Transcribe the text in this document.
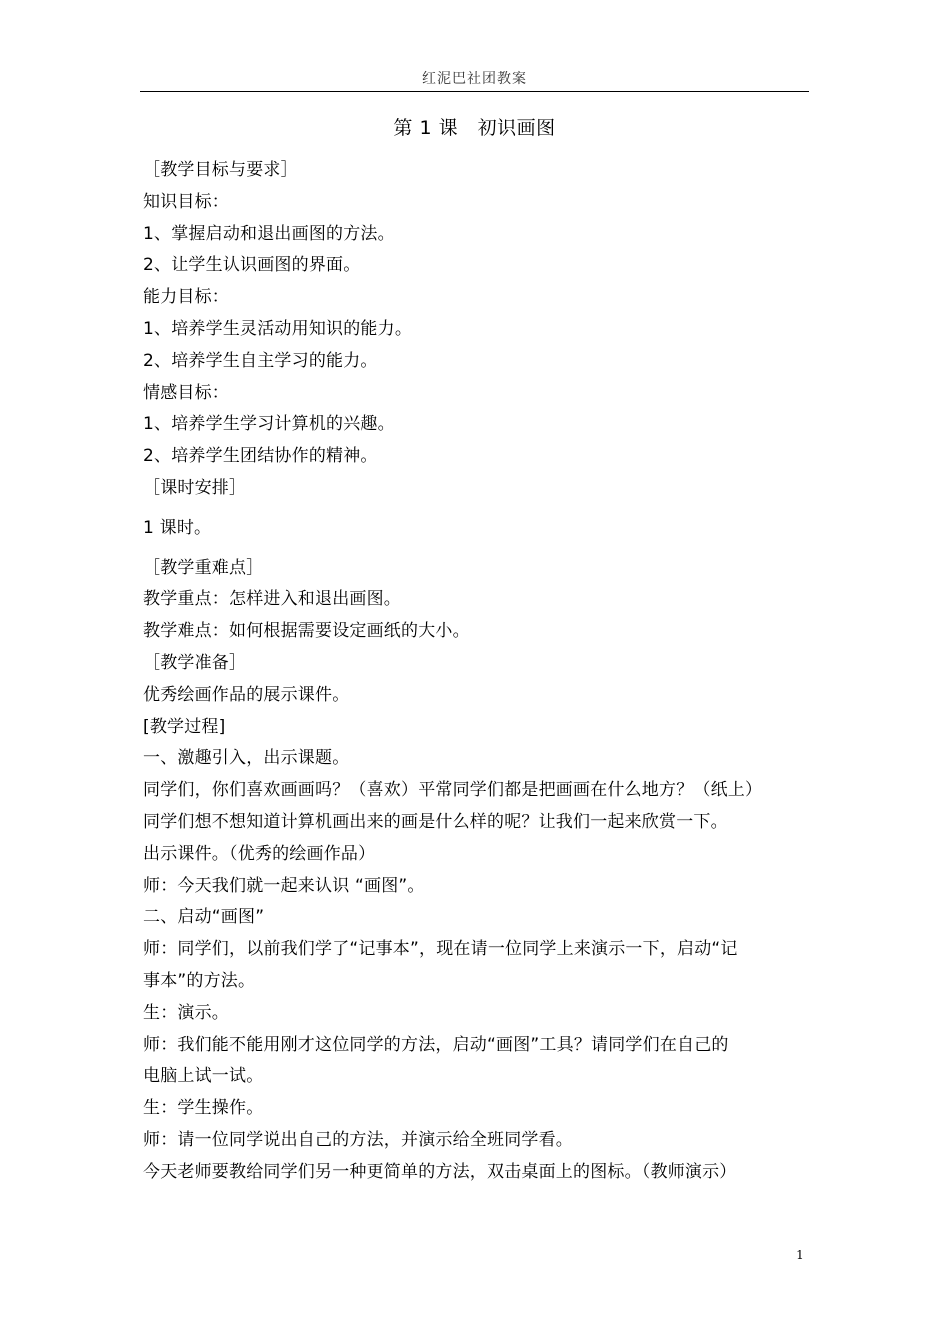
红泥巴社团教案
第 1 课　初识画图
［教学目标与要求］
知识目标：
1、掌握启动和退出画图的方法。
2、让学生认识画图的界面。
能力目标：
1、培养学生灵活动用知识的能力。
2、培养学生自主学习的能力。
情感目标：
1、培养学生学习计算机的兴趣。
2、培养学生团结协作的精神。
［课时安排］
1 课时。
［教学重难点］
教学重点：怎样进入和退出画图。
教学难点：如何根据需要设定画纸的大小。
［教学准备］
优秀绘画作品的展示课件。
[教学过程]
一、激趣引入，出示课题。
同学们，你们喜欢画画吗？（喜欢）平常同学们都是把画画在什么地方？（纸上）
同学们想不想知道计算机画出来的画是什么样的呢？让我们一起来欣赏一下。
出示课件。（优秀的绘画作品）
师：今天我们就一起来认识 “画图”。
二、启动“画图”
师：同学们，以前我们学了“记事本”，现在请一位同学上来演示一下，启动“记
事本”的方法。
生：演示。
师：我们能不能用刚才这位同学的方法，启动“画图”工具？请同学们在自己的
电脑上试一试。
生：学生操作。
师：请一位同学说出自己的方法，并演示给全班同学看。
今天老师要教给同学们另一种更简单的方法，双击桌面上的图标。（教师演示）
1
